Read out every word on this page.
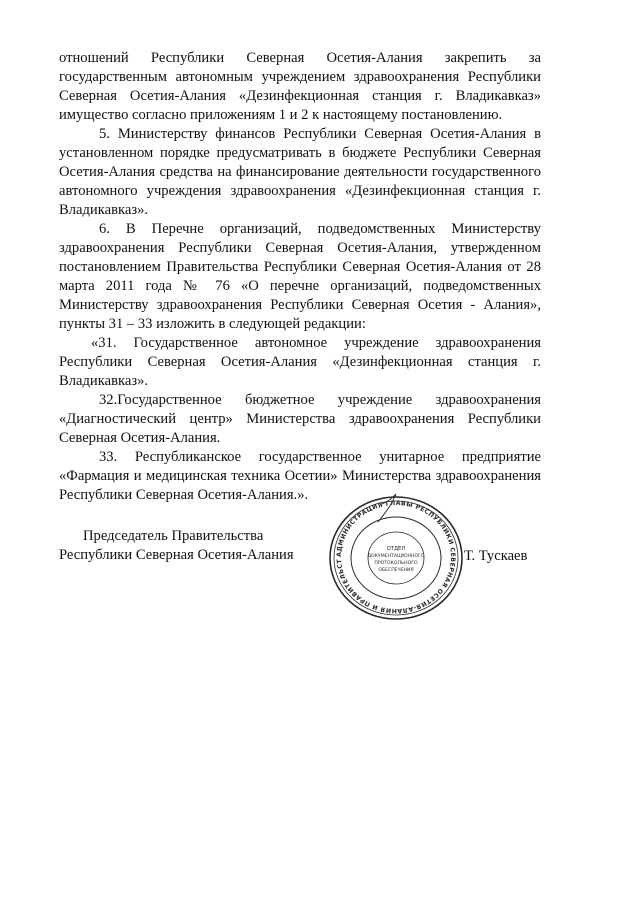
отношений Республики Северная Осетия-Алания закрепить за государственным автономным учреждением здравоохранения Республики Северная Осетия-Алания «Дезинфекционная станция г. Владикавказ» имущество согласно приложениям 1 и 2 к настоящему постановлению.

5. Министерству финансов Республики Северная Осетия-Алания в установленном порядке предусматривать в бюджете Республики Северная Осетия-Алания средства на финансирование деятельности государственного автономного учреждения здравоохранения «Дезинфекционная станция г. Владикавказ».

6. В Перечне организаций, подведомственных Министерству здравоохранения Республики Северная Осетия-Алания, утвержденном постановлением Правительства Республики Северная Осетия-Алания от 28 марта 2011 года № 76 «О перечне организаций, подведомственных Министерству здравоохранения Республики Северная Осетия - Алания», пункты 31 – 33 изложить в следующей редакции:

«31. Государственное автономное учреждение здравоохранения Республики Северная Осетия-Алания «Дезинфекционная станция г. Владикавказ».

32.Государственное бюджетное учреждение здравоохранения «Диагностический центр» Министерства здравоохранения Республики Северная Осетия-Алания.

33. Республиканское государственное унитарное предприятие «Фармация и медицинская техника Осетии» Министерства здравоохранения Республики Северная Осетия-Алания.».

Председатель Правительства
Республики Северная Осетия-Алания	АДМИНИСТРАЦИЯ ГЛАВЫ РЕСПУБЛИКИ СЕВЕРНАЯ ОСЕТИЯ-АЛАНИЯ И ПРАВИТЕЛЬСТ
ОТДЕЛ
ДОКУМЕНТАЦИОННОГО
ПРОТОКОЛЬНОГО
ОБЕСПЕЧЕНИЯ
Т. Тускаев
